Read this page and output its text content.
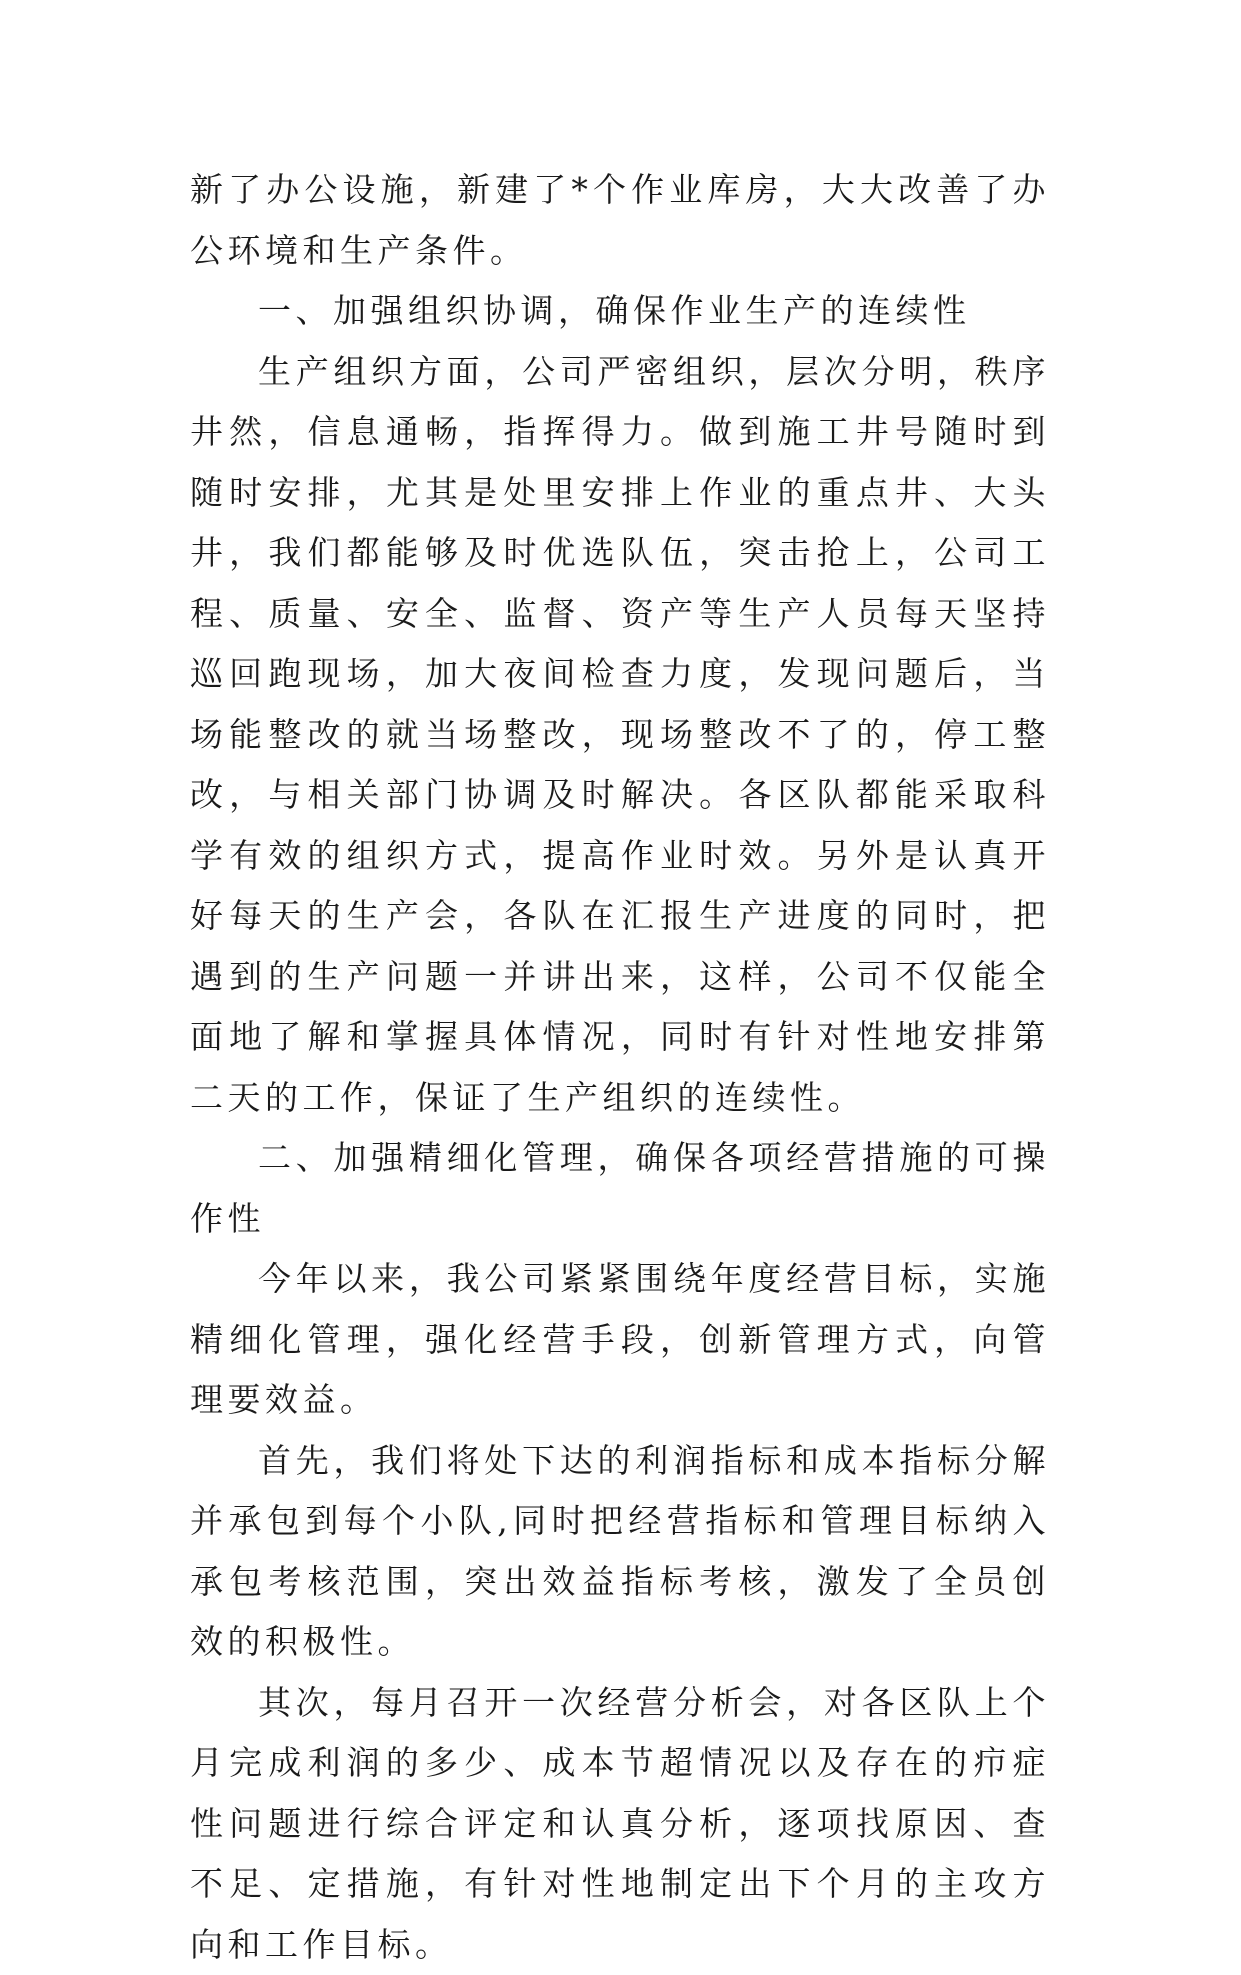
新了办公设施，新建了*个作业库房，大大改善了办公环境和生产条件。

一、加强组织协调，确保作业生产的连续性

生产组织方面，公司严密组织，层次分明，秩序井然，信息通畅，指挥得力。做到施工井号随时到随时安排，尤其是处里安排上作业的重点井、大头井，我们都能够及时优选队伍，突击抢上，公司工程、质量、安全、监督、资产等生产人员每天坚持巡回跑现场，加大夜间检查力度，发现问题后，当场能整改的就当场整改，现场整改不了的，停工整改，与相关部门协调及时解决。各区队都能采取科学有效的组织方式，提高作业时效。另外是认真开好每天的生产会，各队在汇报生产进度的同时，把遇到的生产问题一并讲出来，这样，公司不仅能全面地了解和掌握具体情况，同时有针对性地安排第二天的工作，保证了生产组织的连续性。

二、加强精细化管理，确保各项经营措施的可操作性

今年以来，我公司紧紧围绕年度经营目标，实施精细化管理，强化经营手段，创新管理方式，向管理要效益。

首先，我们将处下达的利润指标和成本指标分解并承包到每个小队,同时把经营指标和管理目标纳入承包考核范围，突出效益指标考核，激发了全员创效的积极性。

其次，每月召开一次经营分析会，对各区队上个月完成利润的多少、成本节超情况以及存在的疖症性问题进行综合评定和认真分析，逐项找原因、查不足、定措施，有针对性地制定出下个月的主攻方向和工作目标。
